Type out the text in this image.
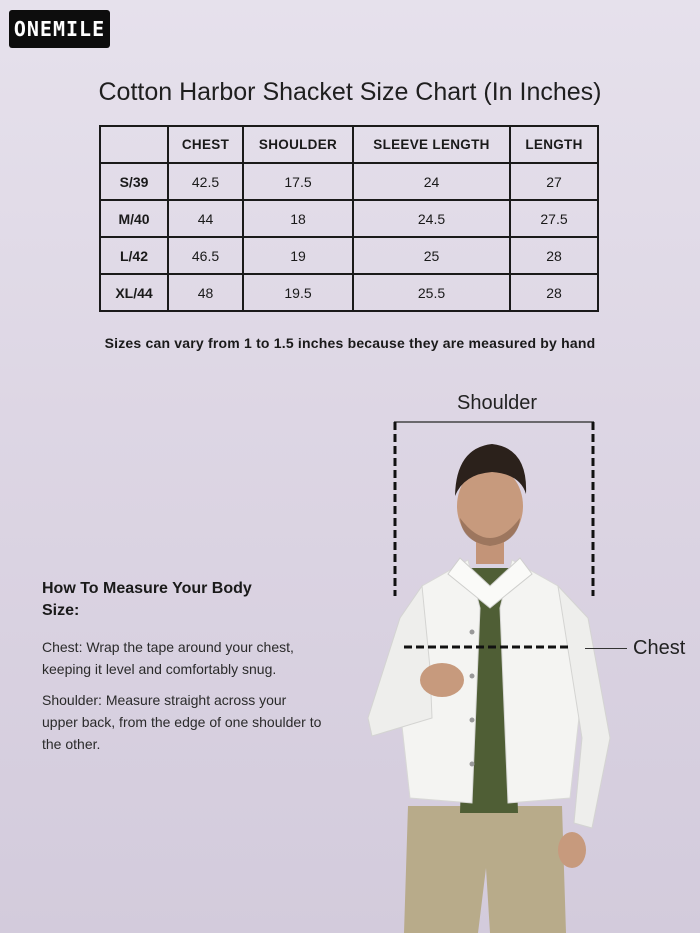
ONEMILE
Cotton Harbor Shacket Size Chart (In Inches)
	CHEST	SHOULDER	SLEEVE LENGTH	LENGTH
S/39	42.5	17.5	24	27
M/40	44	18	24.5	27.5
L/42	46.5	19	25	28
XL/44	48	19.5	25.5	28
Sizes can vary from 1 to 1.5 inches because they are measured by hand
Shoulder
Chest
How To Measure Your Body Size:
Chest: Wrap the tape around your chest, keeping it level and comfortably snug.
Shoulder: Measure straight across your upper back, from the edge of one shoulder to the other.
